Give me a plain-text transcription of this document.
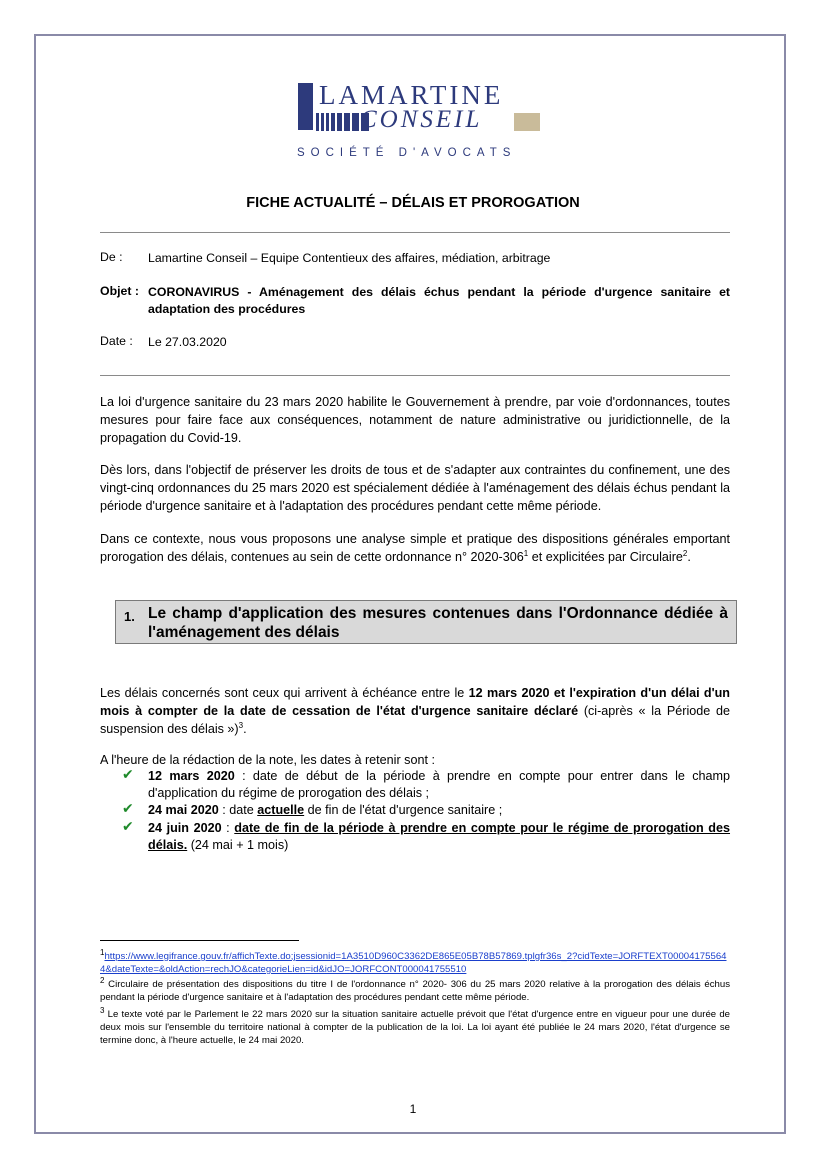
LAMARTINE
CONSEIL
SOCIÉTÉ D'AVOCATS
FICHE ACTUALITÉ – DÉLAIS ET PROROGATION
De : Lamartine Conseil – Equipe Contentieux des affaires, médiation, arbitrage
Objet : CORONAVIRUS - Aménagement des délais échus pendant la période d'urgence sanitaire et adaptation des procédures
Date : Le 27.03.2020
La loi d'urgence sanitaire du 23 mars 2020 habilite le Gouvernement à prendre, par voie d'ordonnances, toutes mesures pour faire face aux conséquences, notamment de nature administrative ou juridictionnelle, de la propagation du Covid-19.
Dès lors, dans l'objectif de préserver les droits de tous et de s'adapter aux contraintes du confinement, une des vingt-cinq ordonnances du 25 mars 2020 est spécialement dédiée à l'aménagement des délais échus pendant la période d'urgence sanitaire et à l'adaptation des procédures pendant cette même période.
Dans ce contexte, nous vous proposons une analyse simple et pratique des dispositions générales emportant prorogation des délais, contenues au sein de cette ordonnance n° $2020-306^1$ et explicitées par Circulaire$^2$.
1. Le champ d'application des mesures contenues dans l'Ordonnance dédiée à l'aménagement des délais
Les délais concernés sont ceux qui arrivent à échéance entre le 12 mars 2020 et l'expiration d'un délai d'un mois à compter de la date de cessation de l'état d'urgence sanitaire déclaré (ci-après « la Période de suspension des délais »)$^3$.
A l'heure de la rédaction de la note, les dates à retenir sont :
✔ 12 mars 2020 : date de début de la période à prendre en compte pour entrer dans le champ d'application du régime de prorogation des délais ;
✔ 24 mai 2020 : date actuelle de fin de l'état d'urgence sanitaire ;
✔ 24 juin 2020 : date de fin de la période à prendre en compte pour le régime de prorogation des délais. (24 mai + 1 mois)
$^1$https://www.legifrance.gouv.fr/affichTexte.do;jsessionid=1A3510D960C3362DE865E05B78B57869.tplgfr36s_2?cidTexte=JORFTEXT000041755644&dateTexte=&oldAction=rechJO&categorieLien=id&idJO=JORFCONT000041755510
$^2$ Circulaire de présentation des dispositions du titre I de l'ordonnance n° 2020- 306 du 25 mars 2020 relative à la prorogation des délais échus pendant la période d'urgence sanitaire et à l'adaptation des procédures pendant cette même période.
$^3$ Le texte voté par le Parlement le 22 mars 2020 sur la situation sanitaire actuelle prévoit que l'état d'urgence entre en vigueur pour une durée de deux mois sur l'ensemble du territoire national à compter de la publication de la loi. La loi ayant été publiée le 24 mars 2020, l'état d'urgence se termine donc, à l'heure actuelle, le 24 mai 2020.
1
